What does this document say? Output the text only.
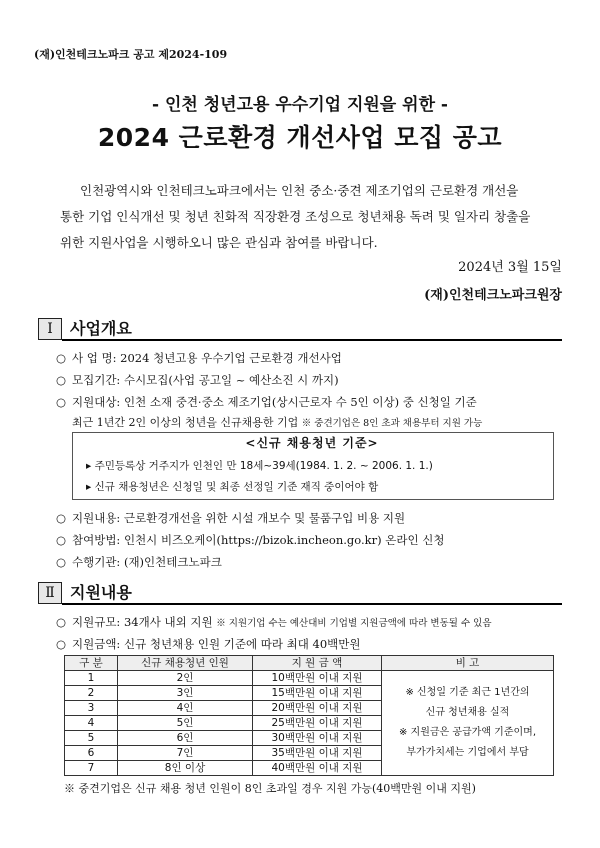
(재)인천테크노파크 공고 제2024-109
- 인천 청년고용 우수기업 지원을 위한 -
2024 근로환경 개선사업 모집 공고
인천광역시와 인천테크노파크에서는 인천 중소·중견 제조기업의 근로환경 개선을
통한 기업 인식개선 및 청년 친화적 직장환경 조성으로 청년채용 독려 및 일자리 창출을
위한 지원사업을 시행하오니 많은 관심과 참여를 바랍니다.
2024년 3월 15일
(재)인천테크노파크원장
Ⅰ	사업개요
○ 사 업 명: 2024 청년고용 우수기업 근로환경 개선사업
○ 모집기간: 수시모집(사업 공고일 ~ 예산소진 시 까지)
○ 지원대상: 인천 소재 중견·중소 제조기업(상시근로자 수 5인 이상) 중 신청일 기준
최근 1년간 2인 이상의 청년을 신규채용한 기업 ※ 중견기업은 8인 초과 채용부터 지원 가능
<신규 채용청년 기준>
▸ 주민등록상 거주지가 인천인 만 18세~39세(1984. 1. 2. ~ 2006. 1. 1.)
▸ 신규 채용청년은 신청일 및 최종 선정일 기준 재직 중이어야 함
○ 지원내용: 근로환경개선을 위한 시설 개보수 및 물품구입 비용 지원
○ 참여방법: 인천시 비즈오케이(https://bizok.incheon.go.kr) 온라인 신청
○ 수행기관: (재)인천테크노파크
Ⅱ 지원내용
○ 지원규모: 34개사 내외 지원 ※ 지원기업 수는 예산대비 기업별 지원금액에 따라 변동될 수 있음
○ 지원금액: 신규 청년채용 인원 기준에 따라 최대 40백만원
구 분	신규 채용청년 인원	지 원 금 액	비 고
1	2인	10백만원 이내 지원	※ 신청일 기준 최근 1년간의
신규 청년채용 실적
※ 지원금은 공급가액 기준이며,
부가가치세는 기업에서 부담

2	3인	15백만원 이내 지원	
3	4인	20백만원 이내 지원	
4	5인	25백만원 이내 지원	
5	6인	30백만원 이내 지원	
6	7인	35백만원 이내 지원	
7	8인 이상	40백만원 이내 지원	
※ 중견기업은 신규 채용 청년 인원이 8인 초과일 경우 지원 가능(40백만원 이내 지원)
